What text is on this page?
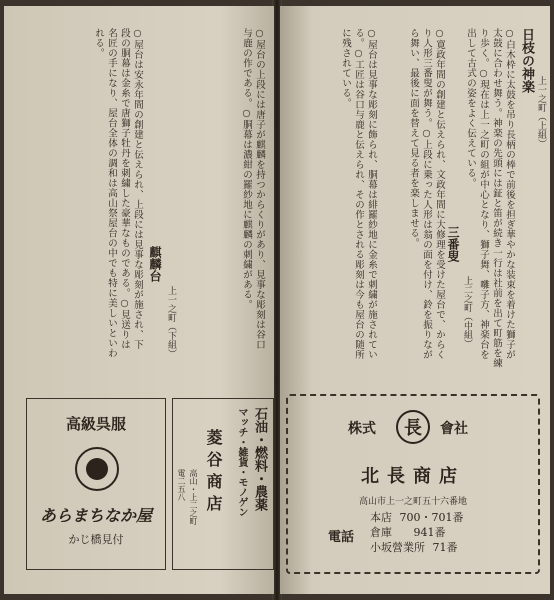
○屋台は安永年間の創建と伝えられ、上段には見事な彫刻が施され、下段の胴幕は金糸で唐獅子牡丹を刺繍した豪華なものである。○見送りは名匠の手になり、屋台全体の調和は高山祭屋台の中でも特に美しいといわれる。
麒麟台
上一之町（下組）	○屋台の上段には唐子が麒麟を持つからくりがあり、見事な彫刻は谷口与鹿の作である。○胴幕は濃紺の羅紗地に麒麟の刺繍がある。
高級呉服
あらまちなか屋
かじ橋見付
石油・燃料・農薬
マッチ・雑貨・モノゲン
菱谷商店
高山・上二之町
電二五八
日枝の神楽
上一之町（上組）
○白木枠に太鼓を吊り長柄の棒で前後を担ぎ華やかな装束を着けた獅子が太鼓に合わせ舞う。神楽の先頭には鉦と笛が続き一行は社前を出て町筋を練り歩く。○現在は上一之町の組が中心となり、獅子舞、囃子方、神楽台を出して古式の姿をよく伝えている。
三番叟
上二之町（中組）
○寛政年間の創建と伝えられ、文政年間に大修理を受けた屋台で、からくり人形三番叟が舞う。○上段に乗った人形は翁の面を付け、鈴を振りながら舞い、最後に面を替えて見る者を楽しませる。
○屋台は見事な彫刻に飾られ、胴幕は緋羅紗地に金糸で刺繍が施されている。○工匠は谷口与鹿と伝えられ、その作とされる彫刻は今も屋台の随所に残されている。
株式	長	會社
北長商店
高山市上一之町五十六番地
電話
本店 700・701番
倉庫 941番
小坂營業所 71番
